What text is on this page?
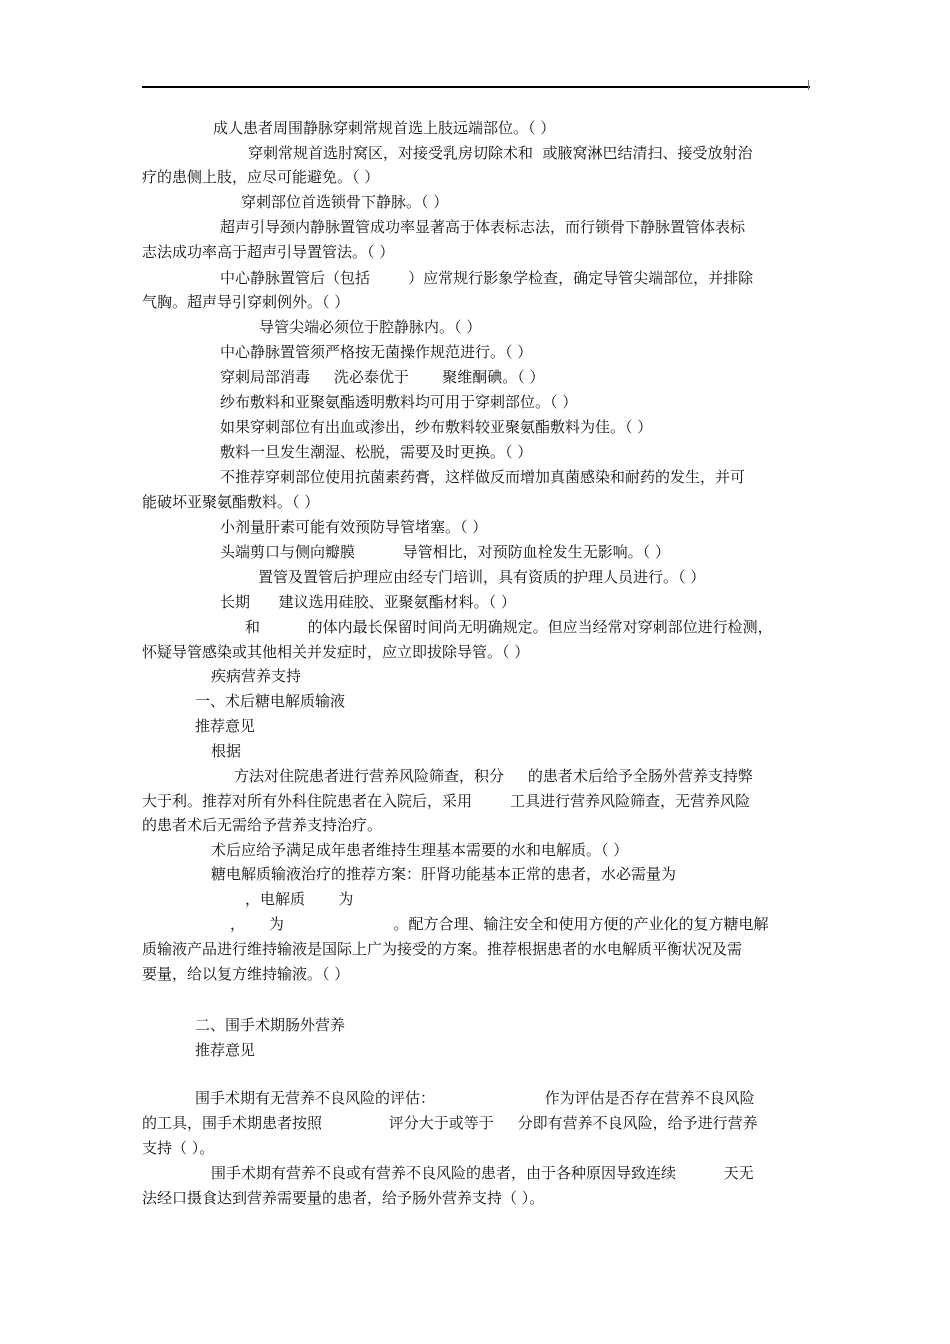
成人患者周围静脉穿刺常规首选上肢远端部位。（ ）
穿刺常规首选肘窝区，对接受乳房切除术和  或腋窝淋巴结清扫、接受放射治
疗的患侧上肢，应尽可能避免。（ ）
穿刺部位首选锁骨下静脉。（ ）
超声引导颈内静脉置管成功率显著高于体表标志法，而行锁骨下静脉置管体表标
志法成功率高于超声引导置管法。（ ）
中心静脉置管后（包括        ）应常规行影象学检查，确定导管尖端部位，并排除
气胸。超声导引穿刺例外。（ ）
导管尖端必须位于腔静脉内。（ ）
中心静脉置管须严格按无菌操作规范进行。（ ）
穿刺局部消毒     洗必泰优于       聚维酮碘。（ ）
纱布敷料和亚聚氨酯透明敷料均可用于穿刺部位。（ ）
如果穿刺部位有出血或渗出，纱布敷料较亚聚氨酯敷料为佳。（ ）
敷料一旦发生潮湿、松脱，需要及时更换。（ ）
不推荐穿刺部位使用抗菌素药膏，这样做反而增加真菌感染和耐药的发生，并可
能破坏亚聚氨酯敷料。（ ）
小剂量肝素可能有效预防导管堵塞。（ ）
头端剪口与侧向瓣膜          导管相比，对预防血栓发生无影响。（ ）
置管及置管后护理应由经专门培训，具有资质的护理人员进行。（ ）
长期      建议选用硅胶、亚聚氨酯材料。（ ）
和          的体内最长保留时间尚无明确规定。但应当经常对穿刺部位进行检测，
怀疑导管感染或其他相关并发症时，应立即拔除导管。（ ）
疾病营养支持
一、术后糖电解质输液
推荐意见
根据
方法对住院患者进行营养风险筛查，积分     的患者术后给予全肠外营养支持弊
大于利。推荐对所有外科住院患者在入院后，采用        工具进行营养风险筛查，无营养风险
的患者术后无需给予营养支持治疗。
术后应给予满足成年患者维持生理基本需要的水和电解质。（ ）
糖电解质输液治疗的推荐方案：肝肾功能基本正常的患者，水必需量为
，电解质       为
，     为                       。配方合理、输注安全和使用方便的产业化的复方糖电解
质输液产品进行维持输液是国际上广为接受的方案。推荐根据患者的水电解质平衡状况及需
要量，给以复方维持输液。（ ）
二、围手术期肠外营养
推荐意见
围手术期有无营养不良风险的评估：                       作为评估是否存在营养不良风险
的工具，围手术期患者按照              评分大于或等于     分即有营养不良风险，给予进行营养
支持（ ）。
围手术期有营养不良或有营养不良风险的患者，由于各种原因导致连续          天无
法经口摄食达到营养需要量的患者，给予肠外营养支持（ ）。
